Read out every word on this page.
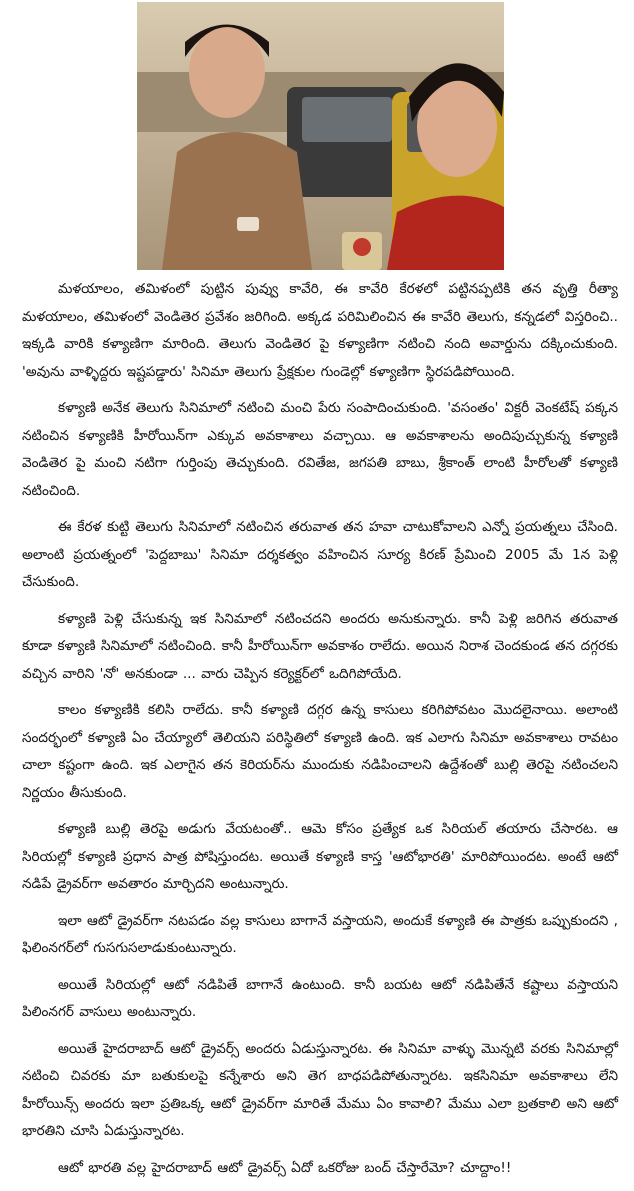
మళయాలం, తమిళంలో పుట్టిన పువ్వు కావేరి, ఈ కావేరి కేరళలో పట్టినప్పటికి తన వృత్తి రీత్యా మళయాలం, తమిళంలో వెండితెర ప్రవేశం జరిగింది. అక్కడ పరిమిలించిన ఈ కావేరి తెలుగు, కన్నడలో విస్తరించి.. ఇక్కడి వారికి కళ్యాణిగా మారింది. తెలుగు వెండితెర పై కళ్యాణిగా నటించి నంది అవార్డును దక్కించుకుంది. 'అవును వాళ్ళిద్దరు ఇష్టపడ్డారు' సినిమా తెలుగు ప్రేక్షకుల గుండెల్లో కళ్యాణిగా స్థిరపడిపోయింది.

కళ్యాణి అనేక తెలుగు సినిమాలో నటించి మంచి పేరు సంపాదించుకుంది. 'వసంతం' విక్టరీ వెంకటేష్ పక్కన నటించిన కళ్యాణికి హీరోయిన్‌గా ఎక్కువ అవకాశాలు వచ్చాయి. ఆ అవకాశాలను అందిపుచ్చుకున్న కళ్యాణి వెండితెర పై మంచి నటిగా గుర్తింపు తెచ్చుకుంది. రవితేజ, జగపతి బాబు, శ్రీకాంత్ లాంటి హీరోలతో కళ్యాణి నటించింది.

ఈ కేరళ కుట్టి తెలుగు సినిమాలో నటించిన తరువాత తన హవా చాటుకోవాలని ఎన్నో ప్రయత్నలు చేసింది. అలాంటి ప్రయత్నంలో 'పెద్దబాబు' సినిమా దర్శకత్వం వహించిన సూర్య కిరణ్ ప్రేమించి 2005 మే 1న పెళ్లి చేసుకుంది.

కళ్యాణి పెళ్లి చేసుకున్న ఇక సినిమాలో నటించదని అందరు అనుకున్నారు. కానీ పెళ్లి జరిగిన తరువాత కూడా కళ్యాణి సినిమాలో నటించింది. కానీ హీరోయిన్‌గా అవకాశం రాలేదు. అయిన నిరాశ చెందకుండ తన దగ్గరకు వచ్చిన వారిని 'నో' అనకుండా ... వారు చెప్పిన కర్యెక్టర్‌లో ఒదిగిపోయేది.

కాలం కళ్యాణికి కలిసి రాలేదు. కానీ కళ్యాణి దగ్గర ఉన్న కాసులు కరిగిపోవటం మొదలైనాయి. అలాంటి సందర్భంలో కళ్యాణి ఏం చేయ్యాలో తెలియని పరిస్థితిలో కళ్యాణి ఉంది. ఇక ఎలాగు సినిమా అవకాశాలు రావటం చాలా కష్టంగా ఉంది. ఇక ఎలాగైన తన కెరియర్‌ను ముందుకు నడిపించాలని ఉద్దేశంతో బుల్లి తెరపై నటించలని నిర్ణయం తీసుకుంది.

కళ్యాణి బుల్లి తెరపై అడుగు వేయటంతో.. ఆమె కోసం ప్రత్యేక ఒక సిరియల్ తయారు చేసారట. ఆ సిరియల్లో కళ్యాణి ప్రధాన పాత్ర పోషిస్తుందట. అయితే కళ్యాణి కాస్త 'ఆటోభారతి' మారిపోయిందట. అంటే ఆటో నడిపే డ్రైవర్‌గా అవతారం మార్చిదని అంటున్నారు.

ఇలా ఆటో డ్రైవర్‌గా నటపడం వల్ల కాసులు బాగానే వస్తాయని, అందుకే కళ్యాణి ఈ పాత్రకు ఒప్పుకుందని , ఫిలింనగర్‌లో గుసగుసలాడుకుంటున్నారు.

అయితే సిరియల్లో ఆటో నడిపితే బాగానే ఉంటుంది. కానీ బయట ఆటో నడిపితేనే కష్టాలు వస్తాయని పిలింనగర్ వాసులు అంటున్నారు.

అయితే హైదరాబాద్ ఆటో డ్రైవర్స్ అందరు ఏడుస్తున్నారట. ఈ సినిమా వాళ్ళు మొన్నటి వరకు సినిమాల్లో నటించి చివరకు మా బతుకులపై కన్నేశారు అని తెగ బాధపడిపోతున్నారట. ఇకసినిమా అవకాశాలు లేని హీరోయిన్స్ అందరు ఇలా ప్రతిఒక్క ఆటో డ్రైవర్‌గా మారితే మేము ఏం కావాలి? మేము ఎలా బ్రతకాలి అని ఆటో భారతిని చూసి ఏడుస్తున్నారట.

ఆటో భారతి వల్ల హైదరాబాద్ ఆటో డ్రైవర్స్ ఏదో ఒకరోజు బంద్ చేస్తారేమో? చూద్దాం!!
